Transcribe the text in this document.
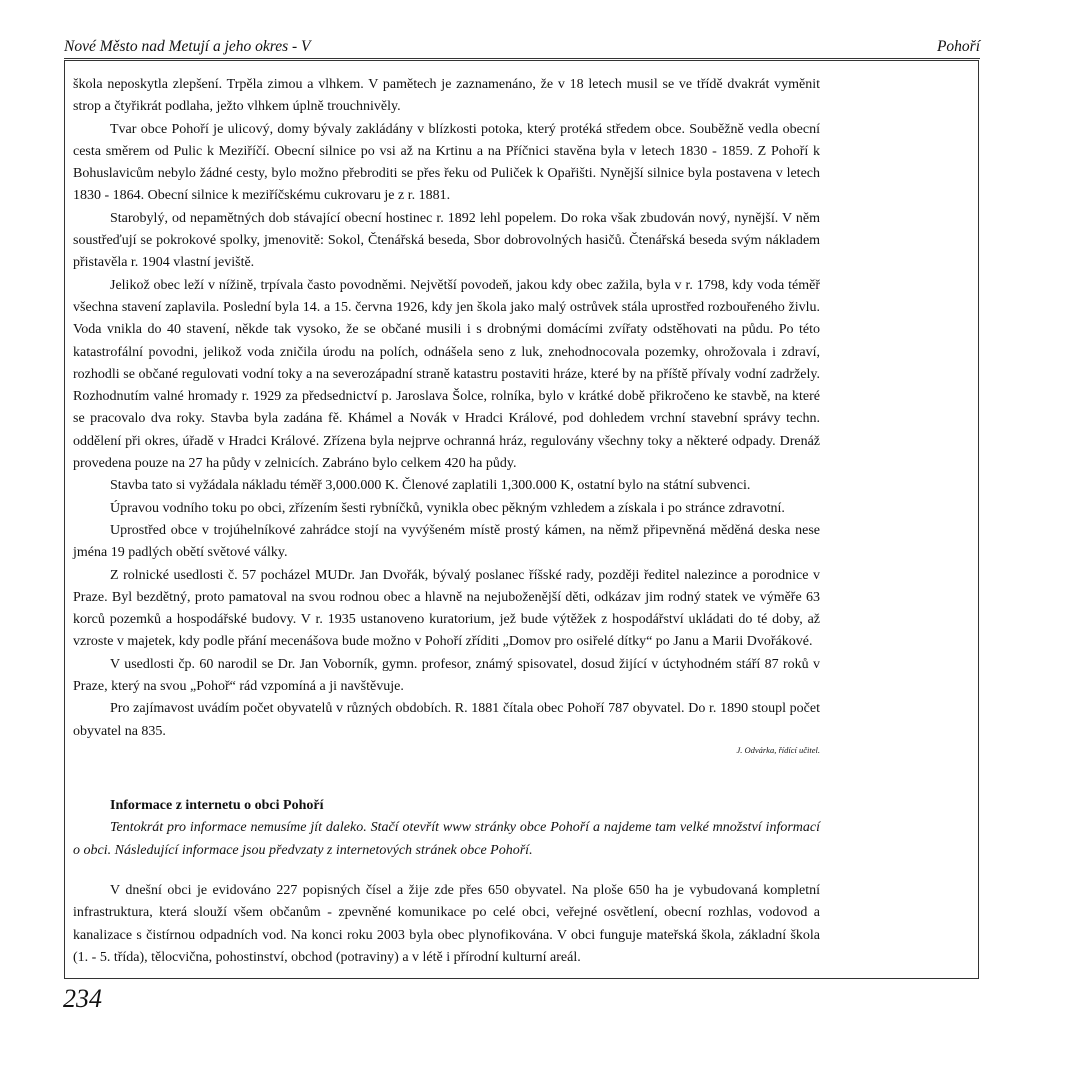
Nové Město nad Metují a jeho okres - V	Pohoří

škola neposkytla zlepšení. Trpěla zimou a vlhkem. V pamětech je zaznamenáno, že v 18 letech musil se ve třídě dvakrát vyměnit strop a čtyřikrát podlaha, ježto vlhkem úplně trouchnivěly.

Tvar obce Pohoří je ulicový, domy bývaly zakládány v blízkosti potoka, který protéká středem obce. Souběžně vedla obecní cesta směrem od Pulic k Meziříčí. Obecní silnice po vsi až na Krtinu a na Příčnici stavěna byla v letech 1830 - 1859. Z Pohoří k Bohuslavicům nebylo žádné cesty, bylo možno přebroditi se přes řeku od Puliček k Opařišti. Nynější silnice byla postavena v letech 1830 - 1864. Obecní silnice k meziříčskému cukrovaru je z r. 1881.

Starobylý, od nepamětných dob stávající obecní hostinec r. 1892 lehl popelem. Do roka však zbudován nový, nynější. V něm soustřeďují se pokrokové spolky, jmenovitě: Sokol, Čtenářská beseda, Sbor dobrovolných hasičů. Čtenářská beseda svým nákladem přistavěla r. 1904 vlastní jeviště.

Jelikož obec leží v nížině, trpívala často povodněmi. Největší povodeň, jakou kdy obec zažila, byla v r. 1798, kdy voda téměř všechna stavení zaplavila. Poslední byla 14. a 15. června 1926, kdy jen škola jako malý ostrůvek stála uprostřed rozbouřeného živlu. Voda vnikla do 40 stavení, někde tak vysoko, že se občané musili i s drobnými domácími zvířaty odstěhovati na půdu. Po této katastrofální povodni, jelikož voda zničila úrodu na polích, odnášela seno z luk, znehodnocovala pozemky, ohrožovala i zdraví, rozhodli se občané regulovati vodní toky a na severozápadní straně katastru postaviti hráze, které by na příště přívaly vodní zadržely. Rozhodnutím valné hromady r. 1929 za předsednictví p. Jaroslava Šolce, rolníka, bylo v krátké době přikročeno ke stavbě, na které se pracovalo dva roky. Stavba byla zadána fě. Khámel a Novák v Hradci Králové, pod dohledem vrchní stavební správy techn. oddělení při okres, úřadě v Hradci Králové. Zřízena byla nejprve ochranná hráz, regulovány všechny toky a některé odpady. Drenáž provedena pouze na 27 ha půdy v zelnicích. Zabráno bylo celkem 420 ha půdy.

Stavba tato si vyžádala nákladu téměř 3,000.000 K. Členové zaplatili 1,300.000 K, ostatní bylo na státní subvenci.

Úpravou vodního toku po obci, zřízením šesti rybníčků, vynikla obec pěkným vzhledem a získala i po stránce zdravotní.

Uprostřed obce v trojúhelníkové zahrádce stojí na vyvýšeném místě prostý kámen, na němž připevněná měděná deska nese jména 19 padlých obětí světové války.

Z rolnické usedlosti č. 57 pocházel MUDr. Jan Dvořák, bývalý poslanec říšské rady, později ředitel nalezince a porodnice v Praze. Byl bezdětný, proto pamatoval na svou rodnou obec a hlavně na nejuboženější děti, odkázav jim rodný statek ve výměře 63 korců pozemků a hospodářské budovy. V r. 1935 ustanoveno kuratorium, jež bude výtěžek z hospodářství ukládati do té doby, až vzroste v majetek, kdy podle přání mecenášova bude možno v Pohoří zříditi „Domov pro osiřelé dítky“ po Janu a Marii Dvořákové.

V usedlosti čp. 60 narodil se Dr. Jan Voborník, gymn. profesor, známý spisovatel, dosud žijící v úctyhodném stáří 87 roků v Praze, který na svou „Pohoř“ rád vzpomíná a ji navštěvuje.

Pro zajímavost uvádím počet obyvatelů v různých obdobích. R. 1881 čítala obec Pohoří 787 obyvatel. Do r. 1890 stoupl počet obyvatel na 835.

J. Odvárka, řídící učitel.

Informace z internetu o obci Pohoří

Tentokrát pro informace nemusíme jít daleko. Stačí otevřít www stránky obce Pohoří a najdeme tam velké množství informací o obci. Následující informace jsou předvzaty z internetových stránek obce Pohoří.

V dnešní obci je evidováno 227 popisných čísel a žije zde přes 650 obyvatel. Na ploše 650 ha je vybudovaná kompletní infrastruktura, která slouží všem občanům - zpevněné komunikace po celé obci, veřejné osvětlení, obecní rozhlas, vodovod a kanalizace s čistírnou odpadních vod. Na konci roku 2003 byla obec plynofikována. V obci funguje mateřská škola, základní škola (1. - 5. třída), tělocvična, pohostinství, obchod (potraviny) a v létě i přírodní kulturní areál.

234
